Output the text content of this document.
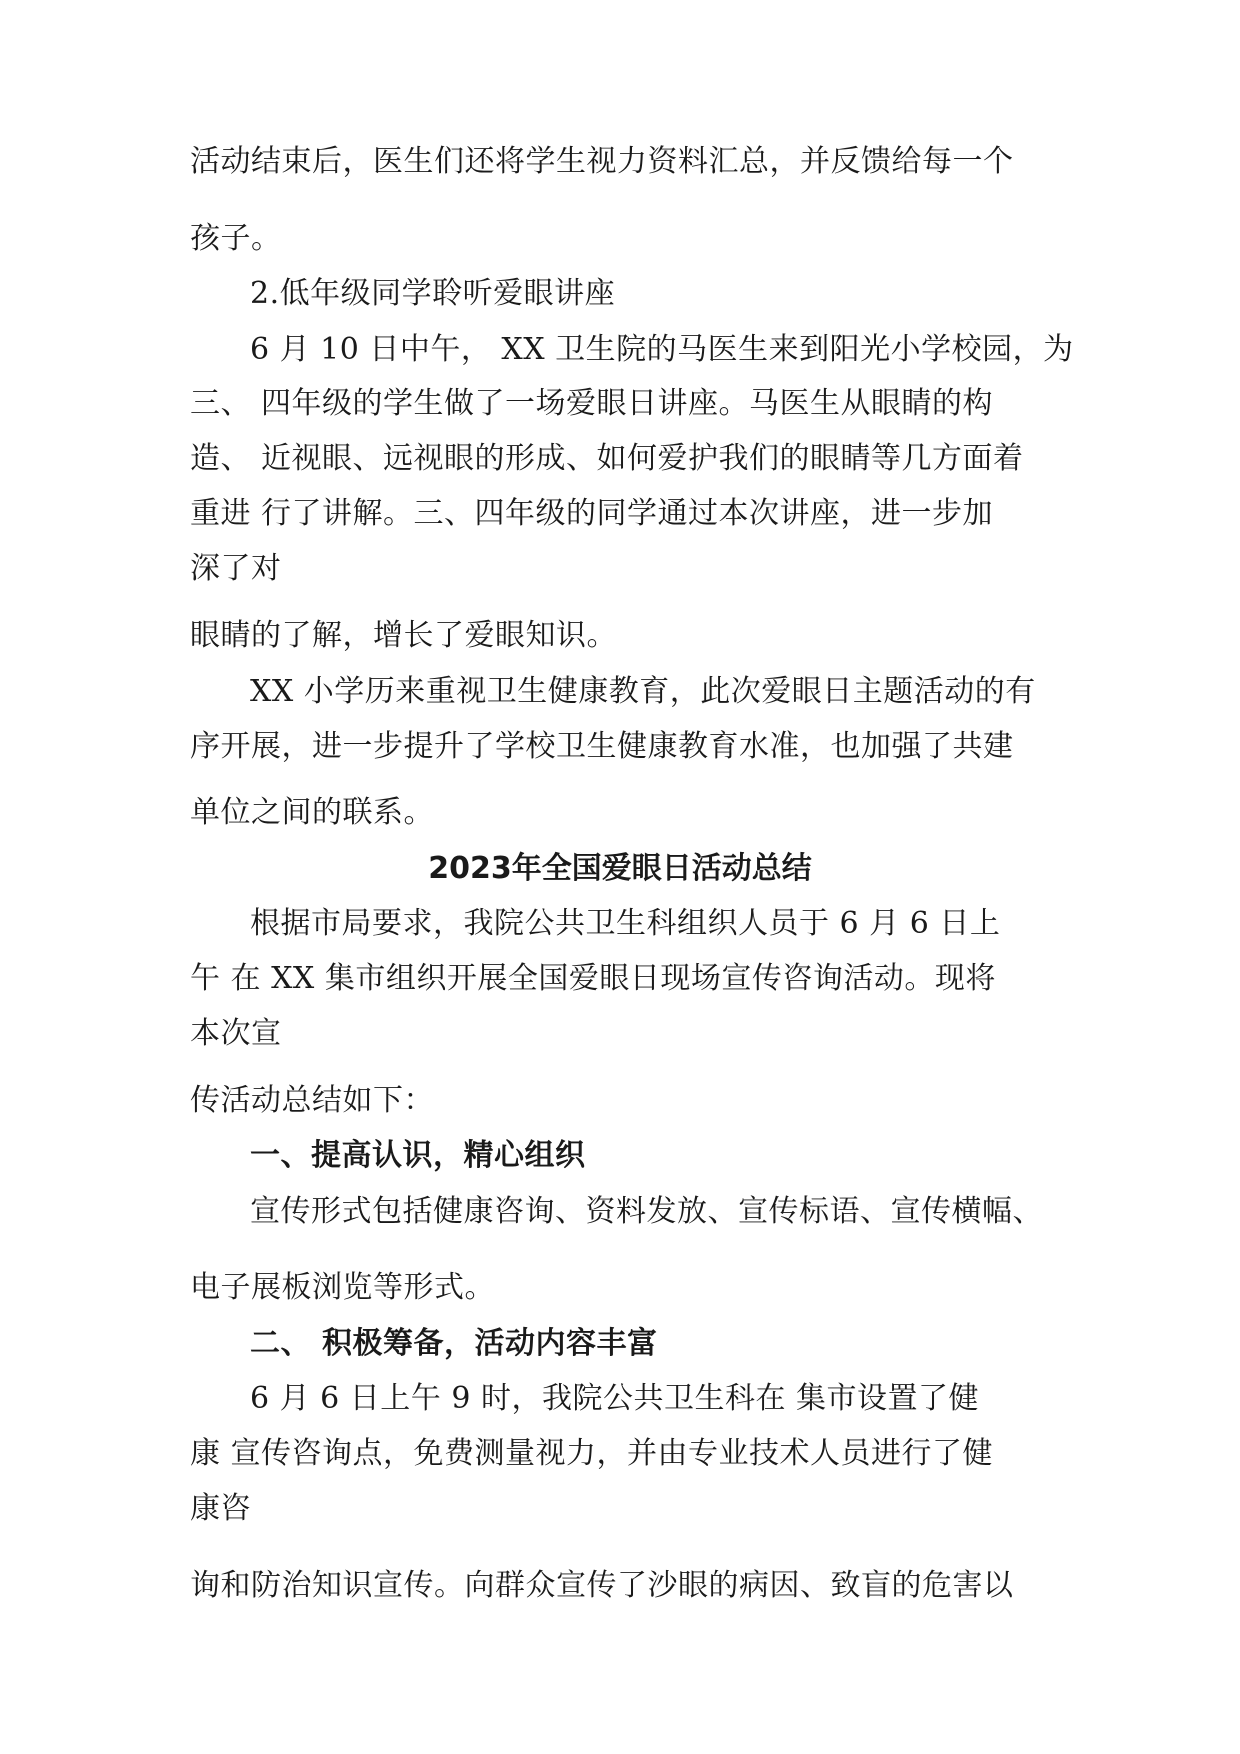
活动结束后，医生们还将学生视力资料汇总，并反馈给每一个

孩子。

2.低年级同学聆听爱眼讲座

6 月 10 日中午， XX 卫生院的马医生来到阳光小学校园，为

三、 四年级的学生做了一场爱眼日讲座。马医生从眼睛的构

造、 近视眼、远视眼的形成、如何爱护我们的眼睛等几方面着

重进 行了讲解。三、四年级的同学通过本次讲座，进一步加

深了对

眼睛的了解，增长了爱眼知识。

XX 小学历来重视卫生健康教育，此次爱眼日主题活动的有

序开展，进一步提升了学校卫生健康教育水准，也加强了共建

单位之间的联系。

2023年全国爱眼日活动总结

根据市局要求，我院公共卫生科组织人员于 6 月 6 日上

午 在 XX 集市组织开展全国爱眼日现场宣传咨询活动。现将

本次宣

传活动总结如下：

一、提高认识，精心组织

宣传形式包括健康咨询、资料发放、宣传标语、宣传横幅、

电子展板浏览等形式。

二、 积极筹备，活动内容丰富

6 月 6 日上午 9 时，我院公共卫生科在 集市设置了健

康 宣传咨询点，免费测量视力，并由专业技术人员进行了健

康咨

询和防治知识宣传。向群众宣传了沙眼的病因、致盲的危害以
